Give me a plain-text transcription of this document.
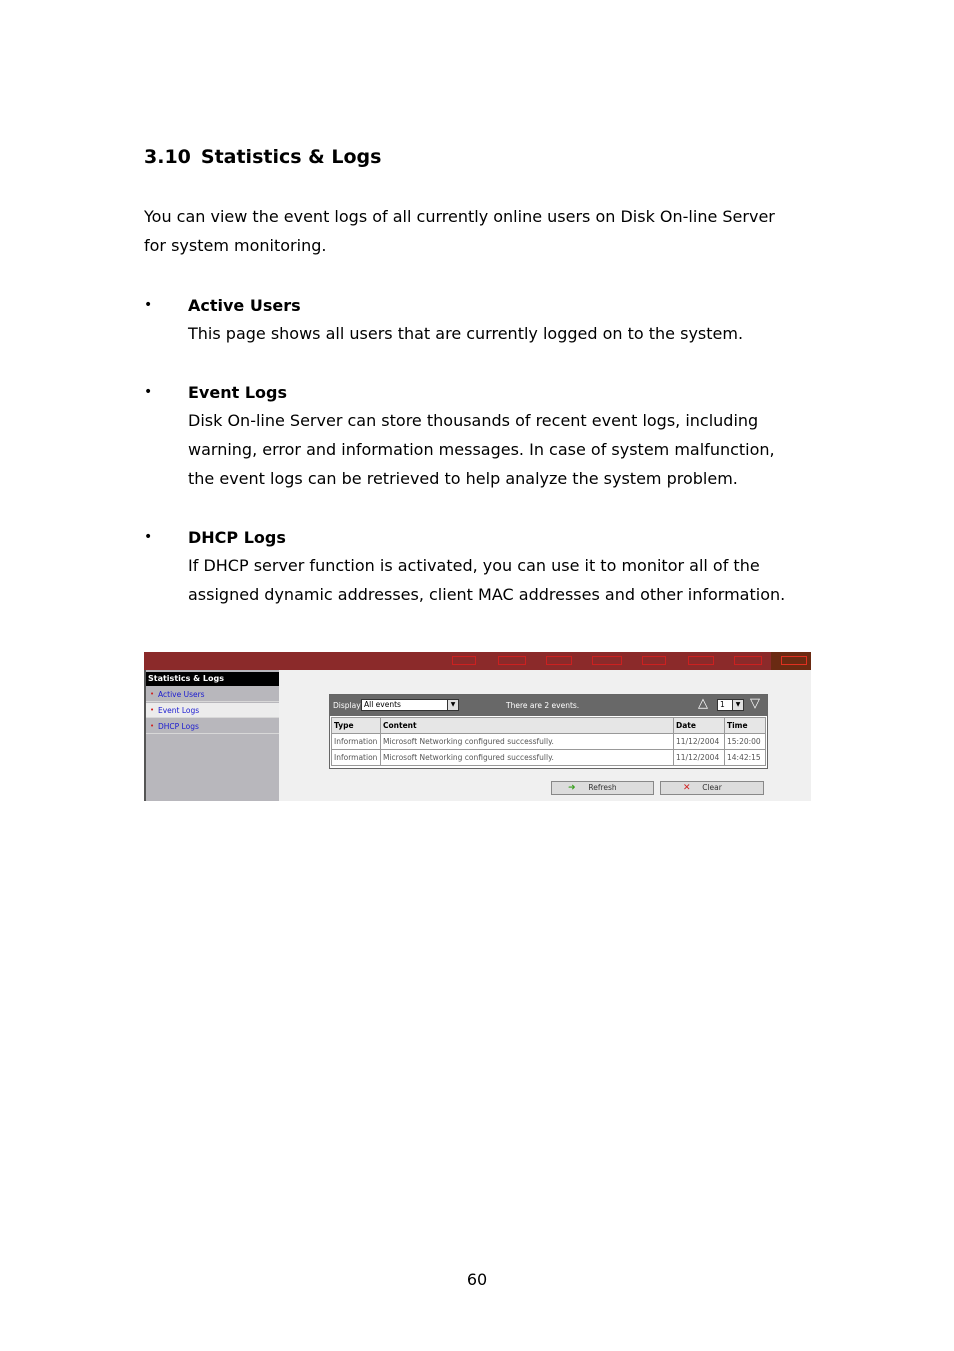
3.10 Statistics & Logs

You can view the event logs of all currently online users on Disk On-line Server
for system monitoring.

• Active Users

This page shows all users that are currently logged on to the system.

• Event Logs

Disk On-line Server can store thousands of recent event logs, including
warning, error and information messages. In case of system malfunction,
the event logs can be retrieved to help analyze the system problem.

• DHCP Logs

If DHCP server function is activated, you can use it to monitor all of the
assigned dynamic addresses, client MAC addresses and other information.

Statistics & Logs
• Active Users
• Event Logs
• DHCP Logs
Display All events	▼	There are 2 events.	△	1	▼ ▽
Type	Content	Date	Time
Information	Microsoft Networking configured successfully.	11/12/2004	15:20:00
Information	Microsoft Networking configured successfully.	11/12/2004	14:42:15
➜ Refresh	✕ Clear
60
